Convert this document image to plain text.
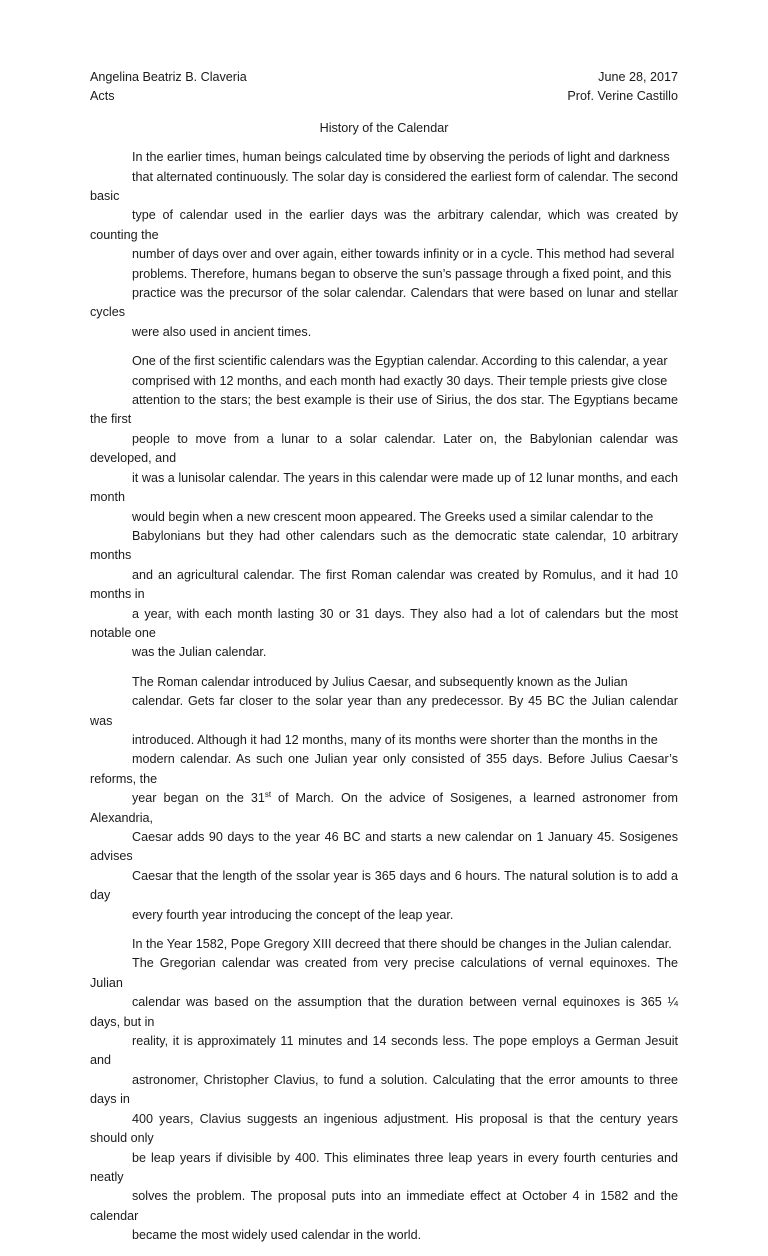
Angelina Beatriz B. Claveria	June 28, 2017
Acts	Prof. Verine Castillo
History of the Calendar
In the earlier times, human beings calculated time by observing the periods of light and darkness
that alternated continuously. The solar day is considered the earliest form of calendar. The second basic
type of calendar used in the earlier days was the arbitrary calendar, which was created by counting the
number of days over and over again, either towards infinity or in a cycle. This method had several
problems. Therefore, humans began to observe the sun’s passage through a fixed point, and this
practice was the precursor of the solar calendar. Calendars that were based on lunar and stellar cycles
were also used in ancient times.
One of the first scientific calendars was the Egyptian calendar. According to this calendar, a year
comprised with 12 months, and each month had exactly 30 days. Their temple priests give close
attention to the stars; the best example is their use of Sirius, the dos star. The Egyptians became the first
people to move from a lunar to a solar calendar. Later on, the Babylonian calendar was developed, and
it was a lunisolar calendar. The years in this calendar were made up of 12 lunar months, and each month
would begin when a new crescent moon appeared. The Greeks used a similar calendar to the
Babylonians but they had other calendars such as the democratic state calendar, 10 arbitrary months
and an agricultural calendar. The first Roman calendar was created by Romulus, and it had 10 months in
a year, with each month lasting 30 or 31 days. They also had a lot of calendars but the most notable one
was the Julian calendar.
The Roman calendar introduced by Julius Caesar, and subsequently known as the Julian
calendar. Gets far closer to the solar year than any predecessor. By 45 BC the Julian calendar was
introduced. Although it had 12 months, many of its months were shorter than the months in the
modern calendar. As such one Julian year only consisted of 355 days. Before Julius Caesar’s reforms, the
year began on the 31st of March. On the advice of Sosigenes, a learned astronomer from Alexandria,
Caesar adds 90 days to the year 46 BC and starts a new calendar on 1 January 45. Sosigenes advises
Caesar that the length of the ssolar year is 365 days and 6 hours. The natural solution is to add a day
every fourth year introducing the concept of the leap year.
In the Year 1582, Pope Gregory XIII decreed that there should be changes in the Julian calendar.
The Gregorian calendar was created from very precise calculations of vernal equinoxes. The Julian
calendar was based on the assumption that the duration between vernal equinoxes is 365 ¼ days, but in
reality, it is approximately 11 minutes and 14 seconds less. The pope employs a German Jesuit and
astronomer, Christopher Clavius, to fund a solution. Calculating that the error amounts to three days in
400 years, Clavius suggests an ingenious adjustment. His proposal is that the century years should only
be leap years if divisible by 400. This eliminates three leap years in every fourth centuries and neatly
solves the problem. The proposal puts into an immediate effect at October 4 in 1582 and the calendar
became the most widely used calendar in the world.
